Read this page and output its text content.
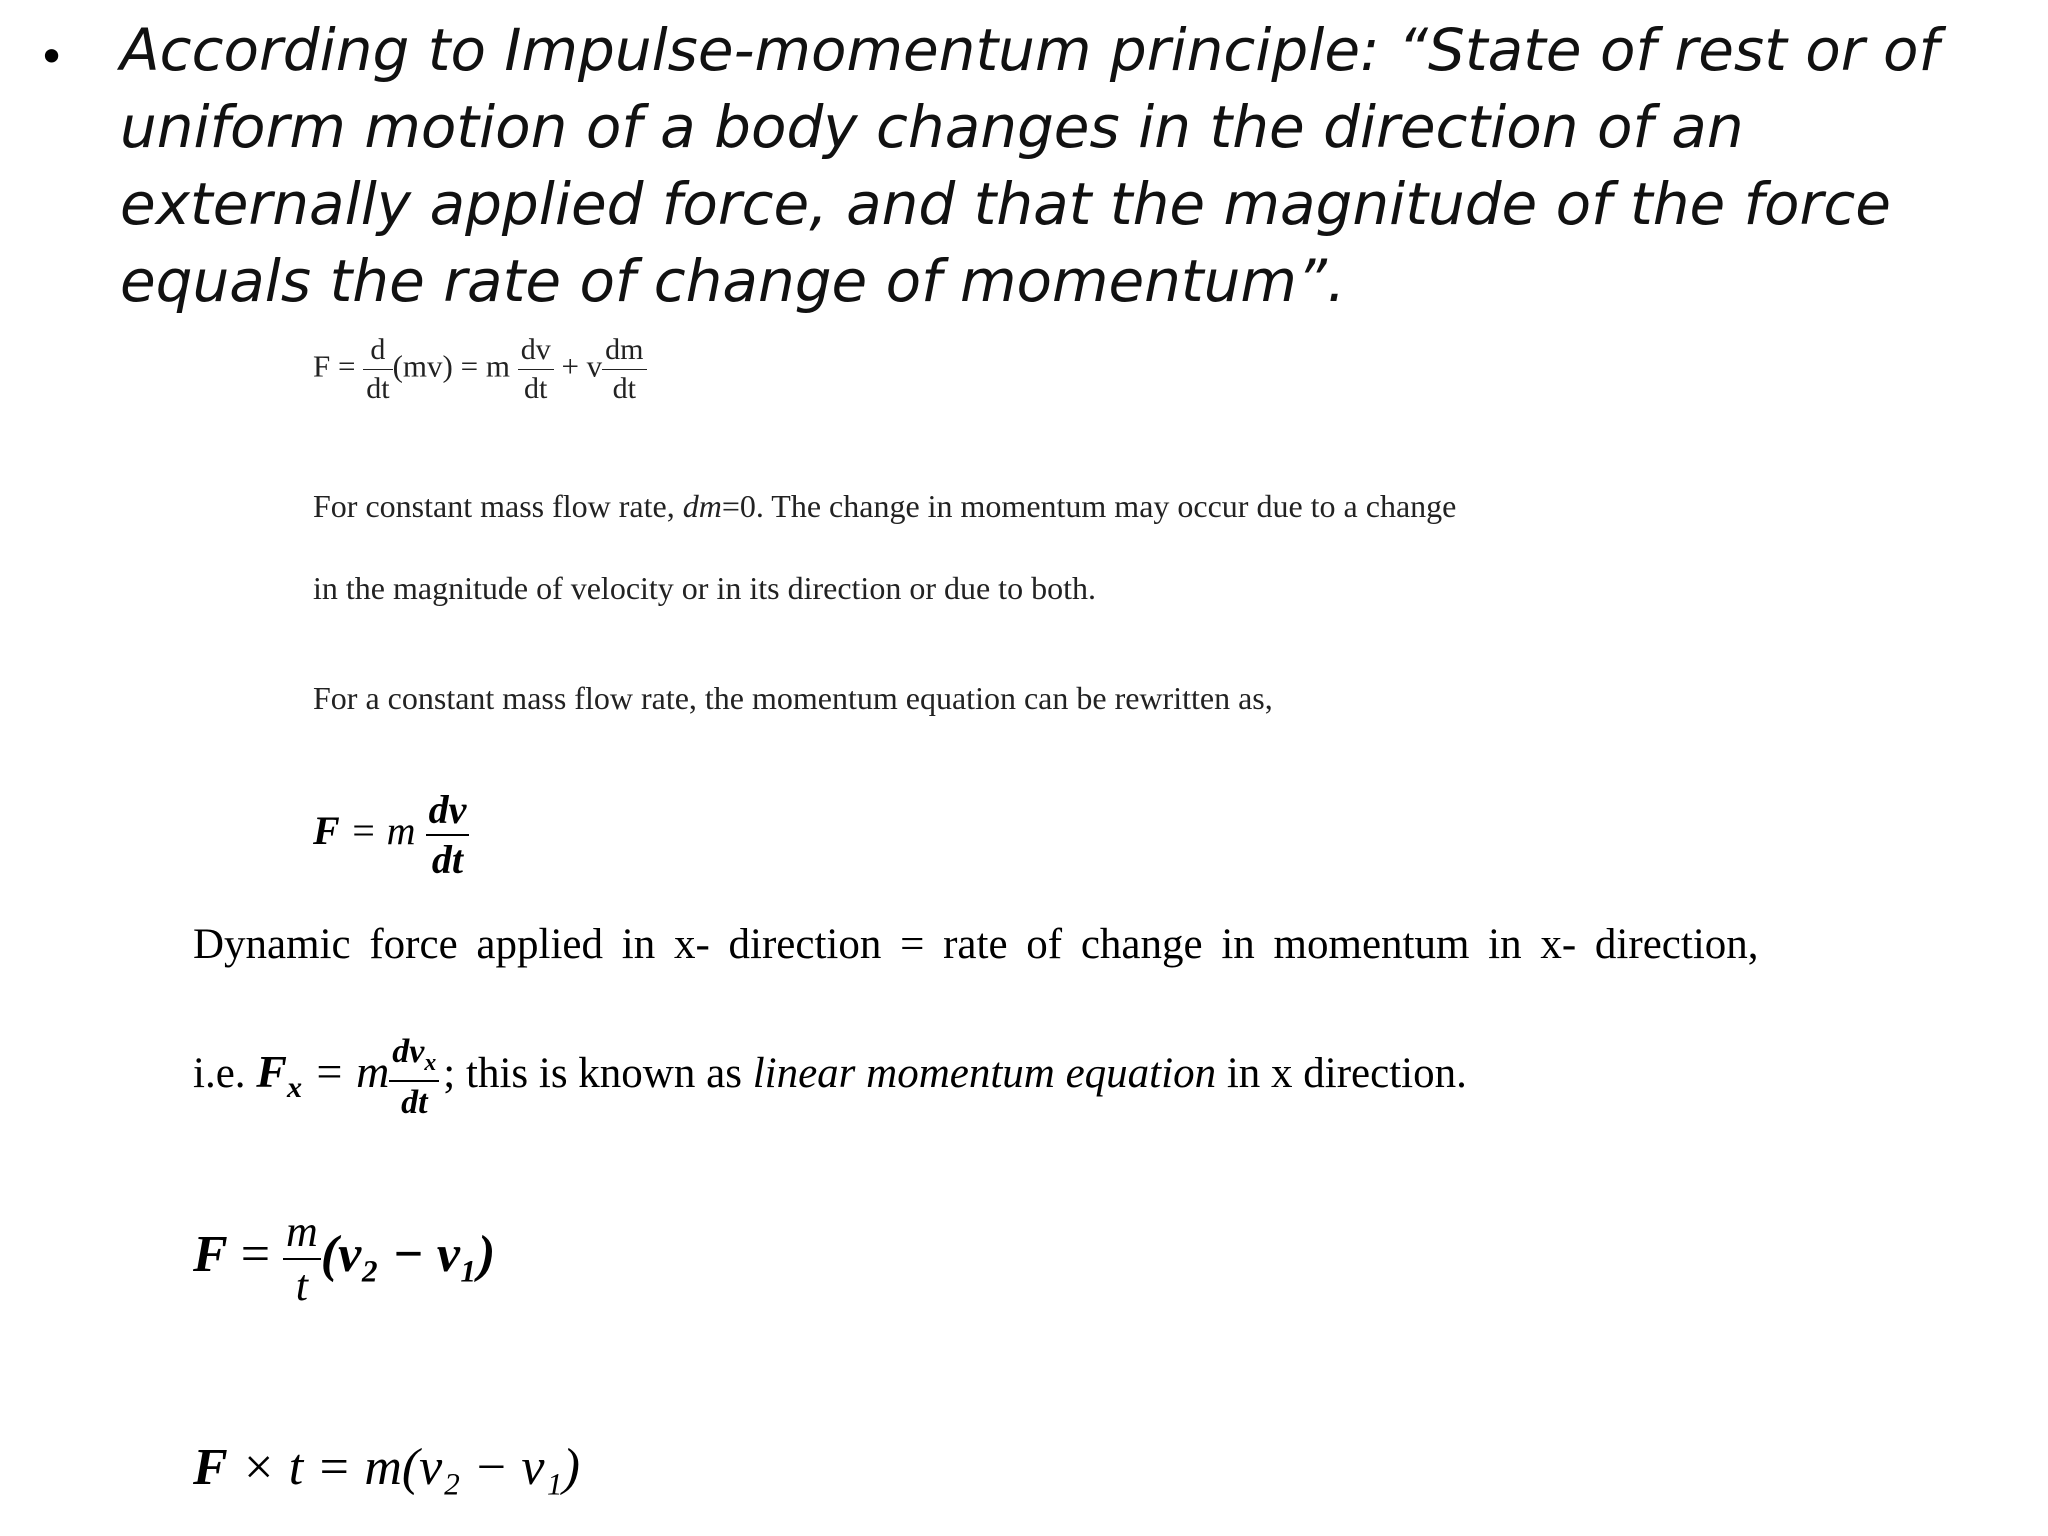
• According to Impulse-momentum principle: “State of rest or of uniform motion of a body changes in the direction of an externally applied force, and that the magnitude of the force equals the rate of change of momentum”.
$F = \frac{d}{dt} (mv) = m \frac{dv}{dt} + v \frac{dm}{dt}$
For constant mass flow rate, dm=0. The change in momentum may occur due to a change
in the magnitude of velocity or in its direction or due to both.
For a constant mass flow rate, the momentum equation can be rewritten as,
F = m $\frac{dv}{dt}$
Dynamic force applied in x- direction = rate of change in momentum in x- direction,
i.e. $F_x = m \frac{dv_x}{dt}$ ; this is known as linear momentum equation in x direction.
$F = \frac{m}{t} (v_2 - v_1)$
F × t = m(v₂ − v₁)
